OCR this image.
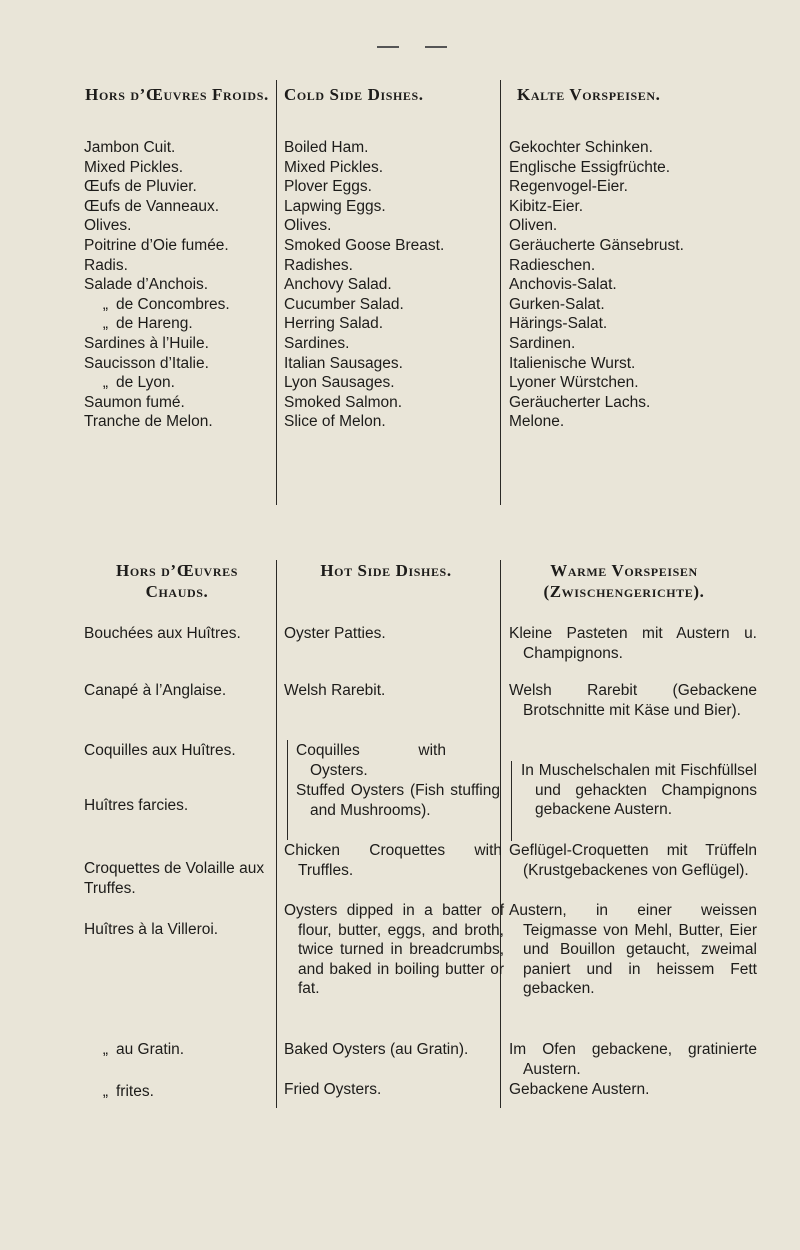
Hors d’Œuvres Froids.
Jambon Cuit.
Mixed Pickles.
Œufs de Pluvier.
Œufs de Vanneaux.
Olives.
Poitrine d’Oie fumée.
Radis.
Salade d’Anchois.
„ de Concombres.
„ de Hareng.
Sardines à l’Huile.
Saucisson d’Italie.
„ de Lyon.
Saumon fumé.
Tranche de Melon.
Cold Side Dishes.
Boiled Ham.
Mixed Pickles.
Plover Eggs.
Lapwing Eggs.
Olives.
Smoked Goose Breast.
Radishes.
Anchovy Salad.
Cucumber Salad.
Herring Salad.
Sardines.
Italian Sausages.
Lyon Sausages.
Smoked Salmon.
Slice of Melon.
Kalte Vorspeisen.
Gekochter Schinken.
Englische Essigfrüchte.
Regenvogel-Eier.
Kibitz-Eier.
Oliven.
Geräucherte Gänsebrust.
Radieschen.
Anchovis-Salat.
Gurken-Salat.
Härings-Salat.
Sardinen.
Italienische Wurst.
Lyoner Würstchen.
Geräucherter Lachs.
Melone.
Hors d’Œuvres Chauds.
Hot Side Dishes.	Warme Vorspeisen (Zwischengerichte).
Bouchées aux Huîtres.
Canapé à l’Anglaise.
Coquilles aux Huîtres.
Huîtres farcies.
Croquettes de Volaille aux Truffes.
Huîtres à la Villeroi.
„ au Gratin.
„ frites.
Oyster Patties.
Welsh Rarebit.
Coquilles with Oysters.
Stuffed Oysters (Fish stuffing and Mushrooms).
Chicken Croquettes with Truffles.
Oysters dipped in a batter of flour, butter, eggs, and broth, twice turned in breadcrumbs, and baked in boiling butter or fat.
Baked Oysters (au Gratin).
Fried Oysters.
Kleine Pasteten mit Austern u. Champignons.
Welsh Rarebit (Gebackene Brotschnitte mit Käse und Bier).
In Muschelschalen mit Fischfüllsel und gehackten Champignons gebackene Austern.
Geflügel-Croquetten mit Trüffeln (Krustgebackenes von Geflügel).
Austern, in einer weissen Teigmasse von Mehl, Butter, Eier und Bouillon getaucht, zweimal paniert und in heissem Fett gebacken.
Im Ofen gebackene, gratinierte Austern.
Gebackene Austern.
